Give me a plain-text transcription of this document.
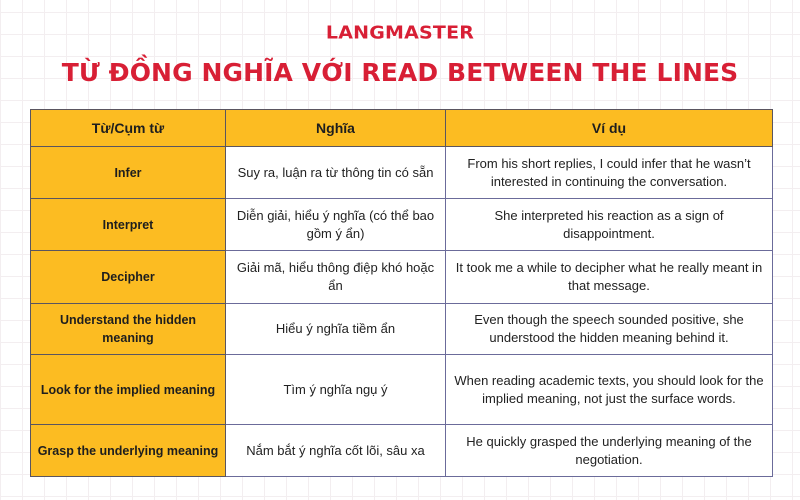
LANGMASTER
TỪ ĐỒNG NGHĨA VỚI READ BETWEEN THE LINES
Từ/Cụm từ	Nghĩa	Ví dụ
Infer	Suy ra, luận ra từ thông tin có sẵn	From his short replies, I could infer that he wasn’t interested in continuing the conversation.
Interpret	Diễn giải, hiểu ý nghĩa (có thể bao gồm ý ẩn)	She interpreted his reaction as a sign of disappointment.
Decipher	Giải mã, hiểu thông điệp khó hoặc ẩn	It took me a while to decipher what he really meant in that message.
Understand the hidden meaning	Hiểu ý nghĩa tiềm ẩn	Even though the speech sounded positive, she understood the hidden meaning behind it.
Look for the implied meaning	Tìm ý nghĩa ngụ ý	When reading academic texts, you should look for the implied meaning, not just the surface words.
Grasp the underlying meaning	Nắm bắt ý nghĩa cốt lõi, sâu xa	He quickly grasped the underlying meaning of the negotiation.
